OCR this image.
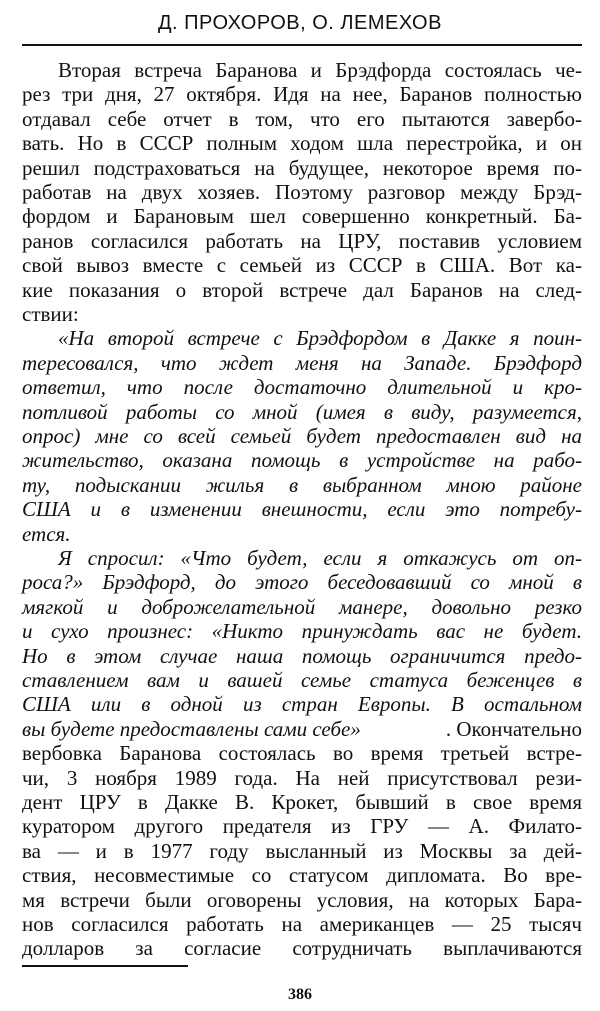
Д. ПРОХОРОВ, О. ЛЕМЕХОВ
Вторая встреча Баранова и Брэдфорда состоялась че-
рез три дня, 27 октября. Идя на нее, Баранов полностью
отдавал себе отчет в том, что его пытаются завербо-
вать. Но в СССР полным ходом шла перестройка, и он
решил подстраховаться на будущее, некоторое время по-
работав на двух хозяев. Поэтому разговор между Брэд-
фордом и Барановым шел совершенно конкретный. Ба-
ранов согласился работать на ЦРУ, поставив условием
свой вывоз вместе с семьей из СССР в США. Вот ка-
кие показания о второй встрече дал Баранов на след-
ствии:
«На второй встрече с Брэдфордом в Дакке я поин-
тересовался, что ждет меня на Западе. Брэдфорд
ответил, что после достаточно длительной и кро-
потливой работы со мной (имея в виду, разумеется,
опрос) мне со всей семьей будет предоставлен вид на
жительство, оказана помощь в устройстве на рабо-
ту, подыскании жилья в выбранном мною районе
США и в изменении внешности, если это потребу-
ется.
Я спросил: «Что будет, если я откажусь от оп-
роса?» Брэдфорд, до этого беседовавший со мной в
мягкой и доброжелательной манере, довольно резко
и сухо произнес: «Никто принуждать вас не будет.
Но в этом случае наша помощь ограничится предо-
ставлением вам и вашей семье статуса беженцев в
США или в одной из стран Европы. В остальном
вы будете предоставлены сами себе»	. Окончательно
вербовка Баранова состоялась во время третьей встре-
чи, 3 ноября 1989 года. На ней присутствовал рези-
дент ЦРУ в Дакке В. Крокет, бывший в свое время
куратором другого предателя из ГРУ — А. Филато-
ва — и в 1977 году высланный из Москвы за дей-
ствия, несовместимые со статусом дипломата. Во вре-
мя встречи были оговорены условия, на которых Бара-
нов согласился работать на американцев — 25 тысяч
долларов за согласие сотрудничать выплачиваются
386
